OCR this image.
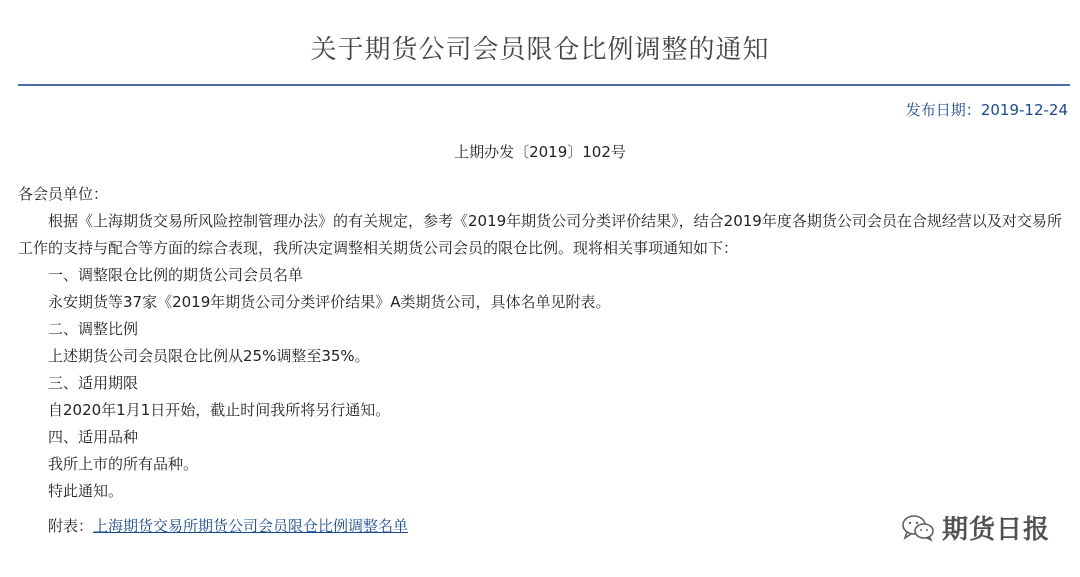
关于期货公司会员限仓比例调整的通知
发布日期：2019-12-24
上期办发〔2019〕102号

各会员单位：

根据《上海期货交易所风险控制管理办法》的有关规定，参考《2019年期货公司分类评价结果》，结合2019年度各期货公司会员在合规经营以及对交易所工作的支持与配合等方面的综合表现，我所决定调整相关期货公司会员的限仓比例。现将相关事项通知如下：

一、调整限仓比例的期货公司会员名单

永安期货等37家《2019年期货公司分类评价结果》A类期货公司，具体名单见附表。

二、调整比例

上述期货公司会员限仓比例从25%调整至35%。

三、适用期限

自2020年1月1日开始，截止时间我所将另行通知。

四、适用品种

我所上市的所有品种。

特此通知。

附表：上海期货交易所期货公司会员限仓比例调整名单	期货日报
